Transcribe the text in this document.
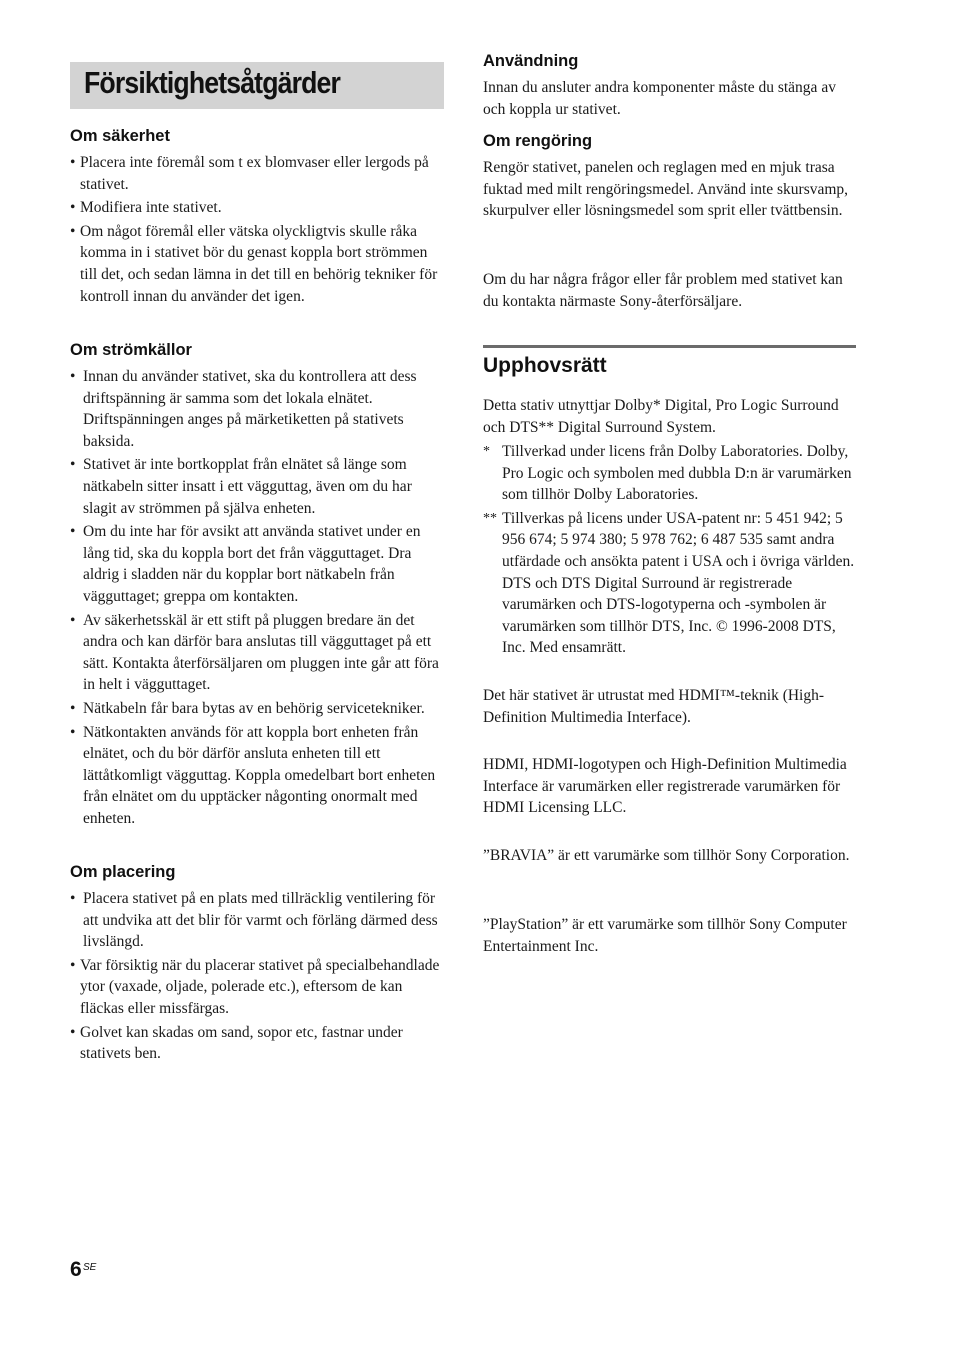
Försiktighetsåtgärder
Om säkerhet
• Placera inte föremål som t ex blomvaser eller lergods på stativet.
• Modifiera inte stativet.
• Om något föremål eller vätska olyckligtvis skulle råka komma in i stativet bör du genast koppla bort strömmen till det, och sedan lämna in det till en behörig tekniker för kontroll innan du använder det igen.
Om strömkällor
• Innan du använder stativet, ska du kontrollera att dess driftspänning är samma som det lokala elnätet. Driftspänningen anges på märketiketten på stativets baksida.
• Stativet är inte bortkopplat från elnätet så länge som nätkabeln sitter insatt i ett vägguttag, även om du har slagit av strömmen på själva enheten.
• Om du inte har för avsikt att använda stativet under en lång tid, ska du koppla bort det från vägguttaget. Dra aldrig i sladden när du kopplar bort nätkabeln från vägguttaget; greppa om kontakten.
• Av säkerhetsskäl är ett stift på pluggen bredare än det andra och kan därför bara anslutas till vägguttaget på ett sätt. Kontakta återförsäljaren om pluggen inte går att föra in helt i vägguttaget.
• Nätkabeln får bara bytas av en behörig servicetekniker.
• Nätkontakten används för att koppla bort enheten från elnätet, och du bör därför ansluta enheten till ett lättåtkomligt vägguttag. Koppla omedelbart bort enheten från elnätet om du upptäcker någonting onormalt med enheten.
Om placering
• Placera stativet på en plats med tillräcklig ventilering för att undvika att det blir för varmt och förläng därmed dess livslängd.
• Var försiktig när du placerar stativet på specialbehandlade ytor (vaxade, oljade, polerade etc.), eftersom de kan fläckas eller missfärgas.
• Golvet kan skadas om sand, sopor etc, fastnar under stativets ben.
Användning
Innan du ansluter andra komponenter måste du stänga av och koppla ur stativet.
Om rengöring
Rengör stativet, panelen och reglagen med en mjuk trasa fuktad med milt rengöringsmedel. Använd inte skursvamp, skurpulver eller lösningsmedel som sprit eller tvättbensin.
Om du har några frågor eller får problem med stativet kan du kontakta närmaste Sony-återförsäljare.
Upphovsrätt
Detta stativ utnyttjar Dolby* Digital, Pro Logic Surround och DTS** Digital Surround System.
* Tillverkad under licens från Dolby Laboratories. Dolby, Pro Logic och symbolen med dubbla D:n är varumärken som tillhör Dolby Laboratories.
** Tillverkas på licens under USA-patent nr: 5 451 942; 5 956 674; 5 974 380; 5 978 762; 6 487 535 samt andra utfärdade och ansökta patent i USA och i övriga världen. DTS och DTS Digital Surround är registrerade varumärken och DTS-logotyperna och -symbolen är varumärken som tillhör DTS, Inc. © 1996-2008 DTS, Inc. Med ensamrätt.
Det här stativet är utrustat med HDMI™-teknik (High-Definition Multimedia Interface).
HDMI, HDMI-logotypen och High-Definition Multimedia Interface är varumärken eller registrerade varumärken för HDMI Licensing LLC.
”BRAVIA” är ett varumärke som tillhör Sony Corporation.
”PlayStation” är ett varumärke som tillhör Sony Computer Entertainment Inc.
6 SE
